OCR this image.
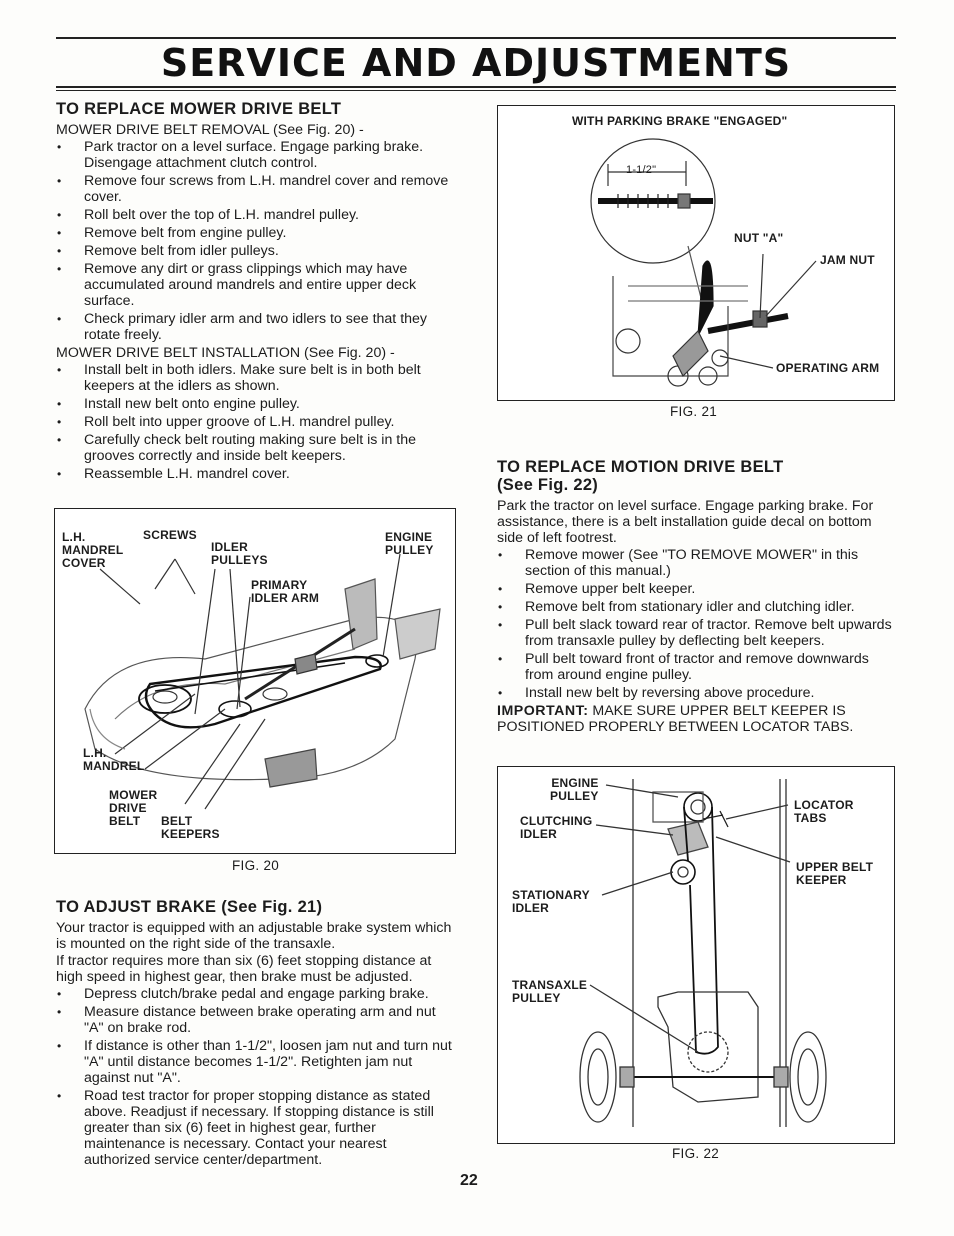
SERVICE AND ADJUSTMENTS
TO REPLACE MOWER DRIVE BELT

MOWER DRIVE BELT REMOVAL (See Fig. 20) -

• Park tractor on a level surface. Engage parking brake. Disengage attachment clutch control.
• Remove four screws from L.H. mandrel cover and remove cover.
• Roll belt over the top of L.H. mandrel pulley.
• Remove belt from engine pulley.
• Remove belt from idler pulleys.
• Remove any dirt or grass clippings which may have accumulated around mandrels and entire upper deck surface.
• Check primary idler arm and two idlers to see that they rotate freely.

MOWER DRIVE BELT INSTALLATION (See Fig. 20) -

• Install belt in both idlers. Make sure belt is in both belt keepers at the idlers as shown.
• Install new belt onto engine pulley.
• Roll belt into upper groove of L.H. mandrel pulley.
• Carefully check belt routing making sure belt is in the grooves correctly and inside belt keepers.
• Reassemble L.H. mandrel cover.
L.H.
MANDREL
COVER
SCREWS
IDLER
PULLEYS
ENGINE
PULLEY
PRIMARY
IDLER ARM
L.H.
MANDREL
MOWER
DRIVE
BELT	BELT
KEEPERS
FIG. 20
TO ADJUST BRAKE (See Fig. 21)

Your tractor is equipped with an adjustable brake system which is mounted on the right side of the transaxle.

If tractor requires more than six (6) feet stopping distance at high speed in highest gear, then brake must be adjusted.

• Depress clutch/brake pedal and engage parking brake.
• Measure distance between brake operating arm and nut "A" on brake rod.
• If distance is other than 1-1/2", loosen jam nut and turn nut "A" until distance becomes 1-1/2". Retighten jam nut against nut "A".
• Road test tractor for proper stopping distance as stated above. Readjust if necessary. If stopping distance is still greater than six (6) feet in highest gear, further maintenance is necessary. Contact your nearest authorized service center/department.
WITH PARKING BRAKE "ENGAGED"
1-1/2"
NUT "A"
JAM NUT
OPERATING ARM
FIG. 21
TO REPLACE MOTION DRIVE BELT
(See Fig. 22)

Park the tractor on level surface. Engage parking brake. For assistance, there is a belt installation guide decal on bottom side of left footrest.

• Remove mower (See "TO REMOVE MOWER" in this section of this manual.)
• Remove upper belt keeper.
• Remove belt from stationary idler and clutching idler.
• Pull belt slack toward rear of tractor. Remove belt upwards from transaxle pulley by deflecting belt keepers.
• Pull belt toward front of tractor and remove downwards from around engine pulley.
• Install new belt by reversing above procedure.

IMPORTANT: MAKE SURE UPPER BELT KEEPER IS POSITIONED PROPERLY BETWEEN LOCATOR TABS.

ENGINE
PULLEY
CLUTCHING
IDLER
STATIONARY
IDLER
TRANSAXLE
PULLEY
LOCATOR
TABS
UPPER BELT
KEEPER
FIG. 22
22
